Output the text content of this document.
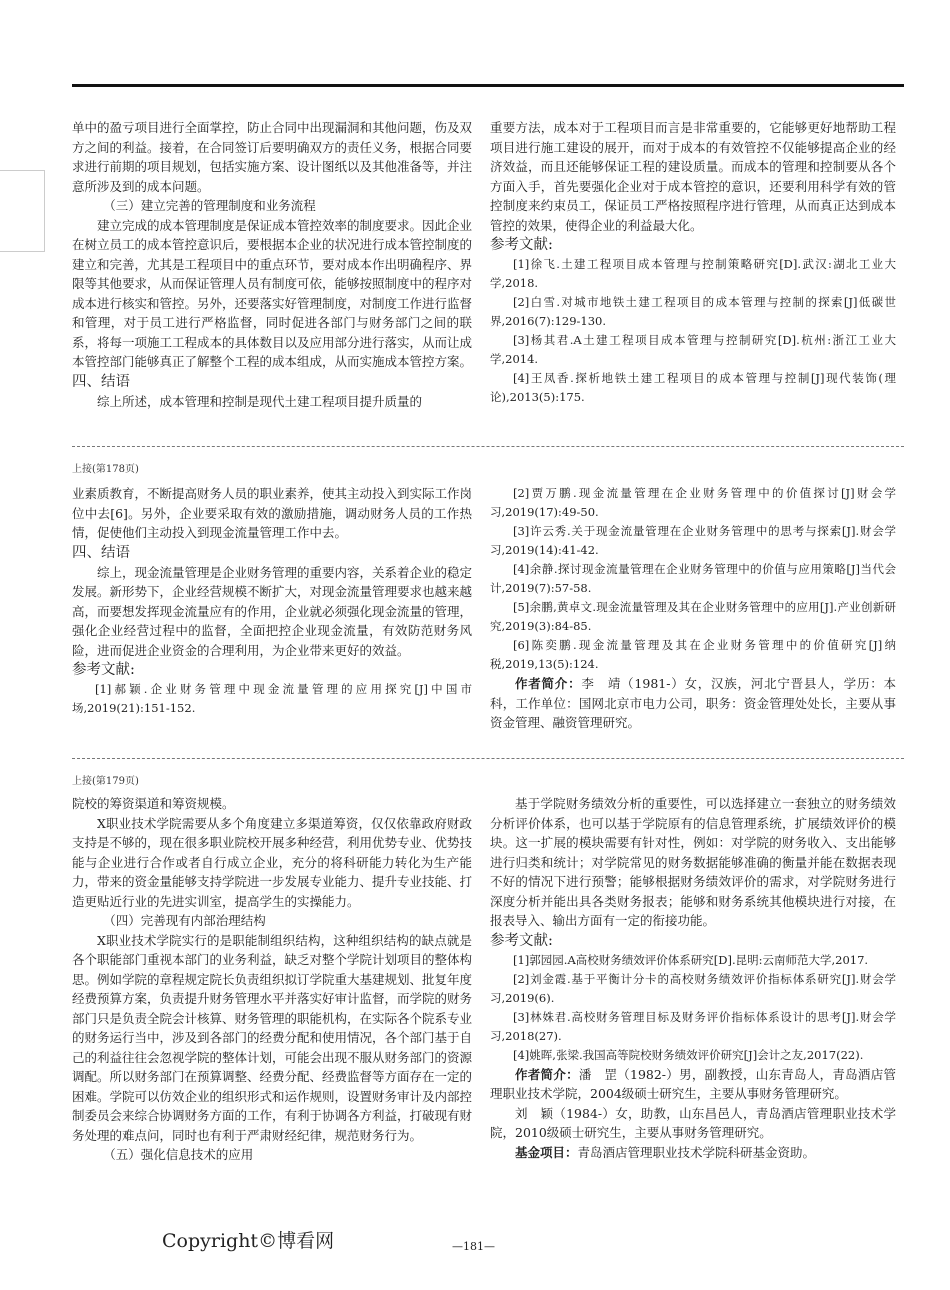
单中的盈亏项目进行全面掌控，防止合同中出现漏洞和其他问题，伤及双方之间的利益。接着，在合同签订后要明确双方的责任义务，根据合同要求进行前期的项目规划，包括实施方案、设计图纸以及其他准备等，并注意所涉及到的成本问题。

（三）建立完善的管理制度和业务流程

建立完成的成本管理制度是保证成本管控效率的制度要求。因此企业在树立员工的成本管控意识后，要根据本企业的状况进行成本管控制度的建立和完善，尤其是工程项目中的重点环节，要对成本作出明确程序、界限等其他要求，从而保证管理人员有制度可依，能够按照制度中的程序对成本进行核实和管控。另外，还要落实好管理制度，对制度工作进行监督和管理，对于员工进行严格监督，同时促进各部门与财务部门之间的联系，将每一项施工工程成本的具体数目以及应用部分进行落实，从而让成本管控部门能够真正了解整个工程的成本组成，从而实施成本管控方案。

四、结语

综上所述，成本管理和控制是现代土建工程项目提升质量的

重要方法，成本对于工程项目而言是非常重要的，它能够更好地帮助工程项目进行施工建设的展开，而对于成本的有效管控不仅能够提高企业的经济效益，而且还能够保证工程的建设质量。而成本的管理和控制要从各个方面入手，首先要强化企业对于成本管控的意识，还要利用科学有效的管控制度来约束员工，保证员工严格按照程序进行管理，从而真正达到成本管控的效果，使得企业的利益最大化。

参考文献:

[1]徐飞.土建工程项目成本管理与控制策略研究[D].武汉:湖北工业大学,2018.

[2]白雪.对城市地铁土建工程项目的成本管理与控制的探索[J]低碳世界,2016(7):129-130.

[3]杨其君.A土建工程项目成本管理与控制研究[D].杭州:浙江工业大学,2014.

[4]王凤香.探析地铁土建工程项目的成本管理与控制[J]现代装饰(理论),2013(5):175.

上接(第178页)

业素质教育，不断提高财务人员的职业素养，使其主动投入到实际工作岗位中去[6]。另外，企业要采取有效的激励措施，调动财务人员的工作热情，促使他们主动投入到现金流量管理工作中去。

四、结语

综上，现金流量管理是企业财务管理的重要内容，关系着企业的稳定发展。新形势下，企业经营规模不断扩大，对现金流量管理要求也越来越高，而要想发挥现金流量应有的作用，企业就必须强化现金流量的管理，强化企业经营过程中的监督，全面把控企业现金流量，有效防范财务风险，进而促进企业资金的合理利用，为企业带来更好的效益。

参考文献:

[1]郝颖.企业财务管理中现金流量管理的应用探究[J]中国市场,2019(21):151-152.

[2]贾万鹏.现金流量管理在企业财务管理中的价值探讨[J]财会学习,2019(17):49-50.

[3]许云秀.关于现金流量管理在企业财务管理中的思考与探索[J].财会学习,2019(14):41-42.

[4]余静.探讨现金流量管理在企业财务管理中的价值与应用策略[J]当代会计,2019(7):57-58.

[5]余鹏,黄卓文.现金流量管理及其在企业财务管理中的应用[J].产业创新研究,2019(3):84-85.

[6]陈奕鹏.现金流量管理及其在企业财务管理中的价值研究[J]纳税,2019,13(5):124.

作者简介：李　靖（1981-）女，汉族，河北宁晋县人，学历：本科，工作单位：国网北京市电力公司，职务：资金管理处处长，主要从事资金管理、融资管理研究。

上接(第179页)

院校的筹资渠道和筹资规模。

X职业技术学院需要从多个角度建立多渠道筹资，仅仅依靠政府财政支持是不够的，现在很多职业院校开展多种经营，利用优势专业、优势技能与企业进行合作或者自行成立企业，充分的将科研能力转化为生产能力，带来的资金量能够支持学院进一步发展专业能力、提升专业技能、打造更贴近行业的先进实训室，提高学生的实操能力。

（四）完善现有内部治理结构

X职业技术学院实行的是职能制组织结构，这种组织结构的缺点就是各个职能部门重视本部门的业务利益，缺乏对整个学院计划项目的整体构思。例如学院的章程规定院长负责组织拟订学院重大基建规划、批复年度经费预算方案，负责提升财务管理水平并落实好审计监督，而学院的财务部门只是负责全院会计核算、财务管理的职能机构，在实际各个院系专业的财务运行当中，涉及到各部门的经费分配和使用情况，各个部门基于自己的利益往往会忽视学院的整体计划，可能会出现不服从财务部门的资源调配。所以财务部门在预算调整、经费分配、经费监督等方面存在一定的困难。学院可以仿效企业的组织形式和运作规则，设置财务审计及内部控制委员会来综合协调财务方面的工作，有利于协调各方利益，打破现有财务处理的难点问，同时也有利于严肃财经纪律，规范财务行为。

（五）强化信息技术的应用

基于学院财务绩效分析的重要性，可以选择建立一套独立的财务绩效分析评价体系，也可以基于学院原有的信息管理系统，扩展绩效评价的模块。这一扩展的模块需要有针对性，例如：对学院的财务收入、支出能够进行归类和统计；对学院常见的财务数据能够准确的衡量并能在数据表现不好的情况下进行预警；能够根据财务绩效评价的需求，对学院财务进行深度分析并能出具各类财务报表；能够和财务系统其他模块进行对接，在报表导入、输出方面有一定的衔接功能。

参考文献:

[1]郭园园.A高校财务绩效评价体系研究[D].昆明:云南师范大学,2017.

[2]刘金霞.基于平衡计分卡的高校财务绩效评价指标体系研究[J].财会学习,2019(6).

[3]林姝君.高校财务管理目标及财务评价指标体系设计的思考[J].财会学习,2018(27).

[4]姚晖,张梁.我国高等院校财务绩效评价研究[J]会计之友,2017(22).

作者简介：潘　罡（1982-）男，副教授，山东青岛人，青岛酒店管理职业技术学院，2004级硕士研究生，主要从事财务管理研究。

刘　颖（1984-）女，助教，山东昌邑人，青岛酒店管理职业技术学院，2010级硕士研究生，主要从事财务管理研究。

基金项目：青岛酒店管理职业技术学院科研基金资助。

Copyright©博看网	—181—
